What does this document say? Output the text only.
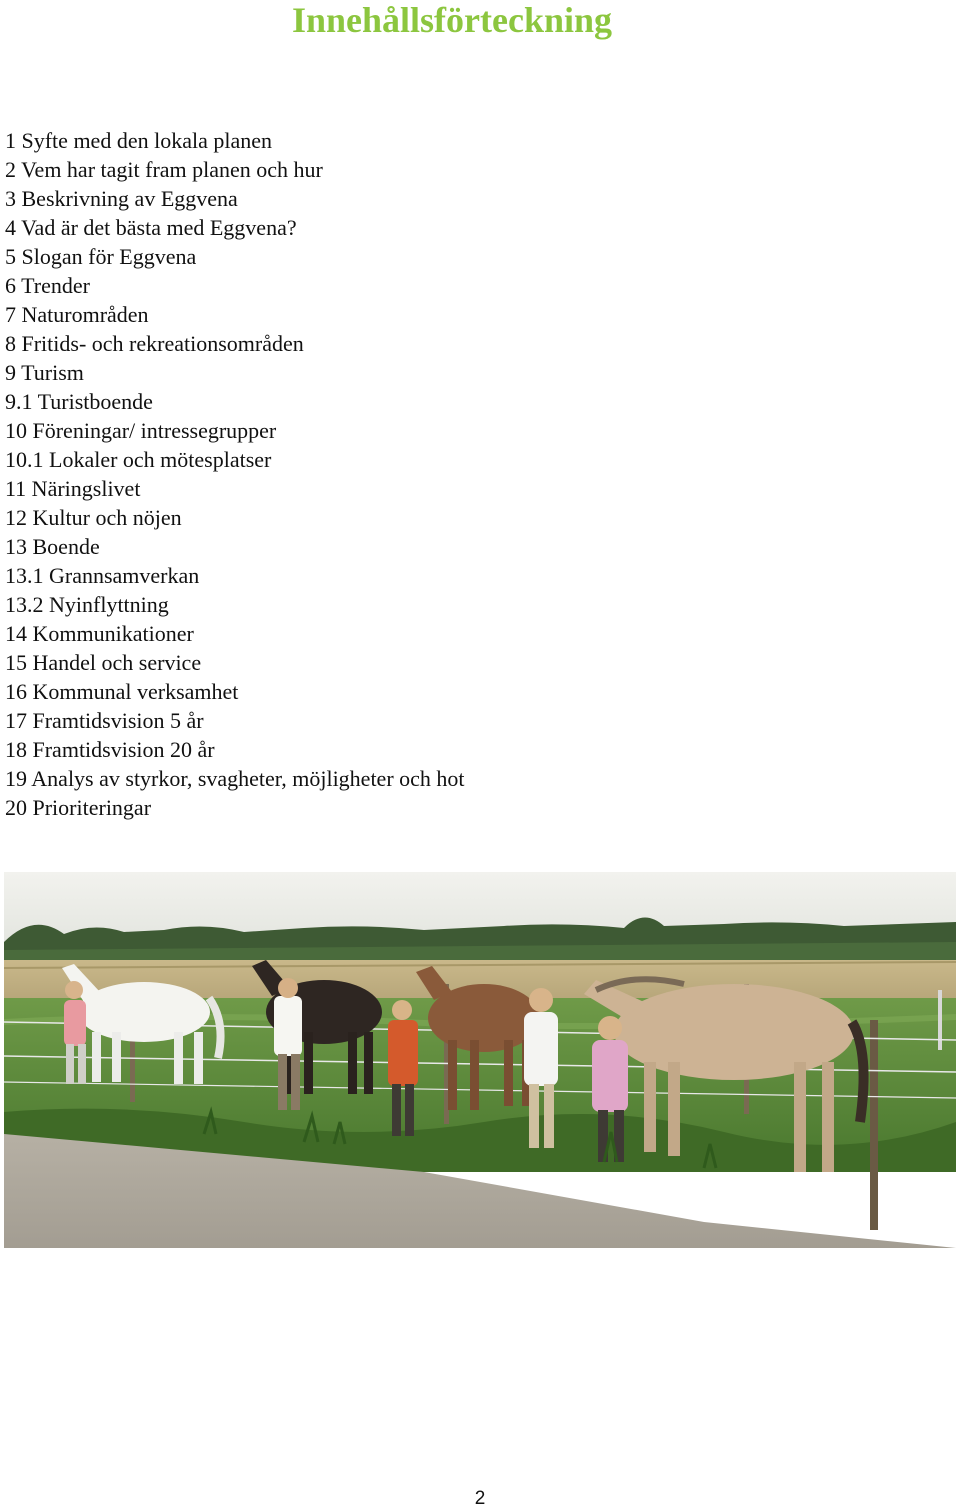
Innehållsförteckning
1 Syfte med den lokala planen
2 Vem har tagit fram planen och hur
3 Beskrivning av Eggvena
4 Vad är det bästa med Eggvena?
5 Slogan för Eggvena
6 Trender
7 Naturområden
8 Fritids- och rekreationsområden
9 Turism
9.1 Turistboende
10 Föreningar/ intressegrupper
10.1 Lokaler och mötesplatser
11 Näringslivet
12 Kultur och nöjen
13 Boende
13.1 Grannsamverkan
13.2 Nyinflyttning
14 Kommunikationer
15 Handel och service
16 Kommunal verksamhet
17 Framtidsvision 5 år
18 Framtidsvision 20 år
19 Analys av styrkor, svagheter, möjligheter och hot
20 Prioriteringar
2
